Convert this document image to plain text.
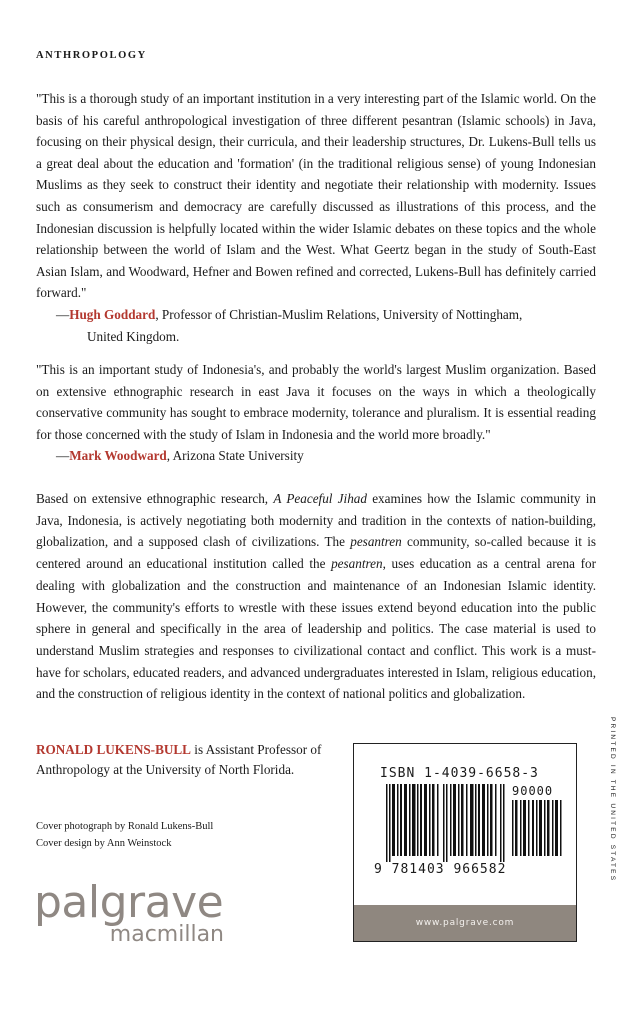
ANTHROPOLOGY
"This is a thorough study of an important institution in a very interesting part of the Islamic world. On the basis of his careful anthropological investigation of three different pesantran (Islamic schools) in Java, focusing on their physical design, their curricula, and their leadership structures, Dr. Lukens-Bull tells us a great deal about the education and 'formation' (in the traditional religious sense) of young Indonesian Muslims as they seek to construct their identity and negotiate their relationship with modernity. Issues such as consumerism and democracy are carefully discussed as illustrations of this process, and the Indonesian discussion is helpfully located within the wider Islamic debates on these topics and the whole relationship between the world of Islam and the West. What Geertz began in the study of South-East Asian Islam, and Woodward, Hefner and Bowen refined and corrected, Lukens-Bull has definitely carried forward."
—Hugh Goddard, Professor of Christian-Muslim Relations, University of Nottingham,
United Kingdom.
"This is an important study of Indonesia's, and probably the world's largest Muslim organization. Based on extensive ethnographic research in east Java it focuses on the ways in which a theologically conservative community has sought to embrace modernity, tolerance and pluralism. It is essential reading for those concerned with the study of Islam in Indonesia and the world more broadly."
—Mark Woodward, Arizona State University
Based on extensive ethnographic research, A Peaceful Jihad examines how the Islamic community in Java, Indonesia, is actively negotiating both modernity and tradition in the contexts of nation-building, globalization, and a supposed clash of civilizations. The pesantren community, so-called because it is centered around an educational institution called the pesantren, uses education as a central arena for dealing with globalization and the construction and maintenance of an Indonesian Islamic identity. However, the community's efforts to wrestle with these issues extend beyond education into the public sphere in general and specifically in the area of leadership and politics. The case material is used to understand Muslim strategies and responses to civilizational contact and conflict. This work is a must-have for scholars, educated readers, and advanced undergraduates interested in Islam, religious education, and the construction of religious identity in the context of national politics and globalization.
RONALD LUKENS-BULL is Assistant Professor of Anthropology at the University of North Florida.
Cover photograph by Ronald Lukens-Bull
Cover design by Ann Weinstock
palgrave
macmillan
ISBN 1-4039-6658-3
90000
9 781403 966582
www.palgrave.com
PRINTED IN THE UNITED STATES
